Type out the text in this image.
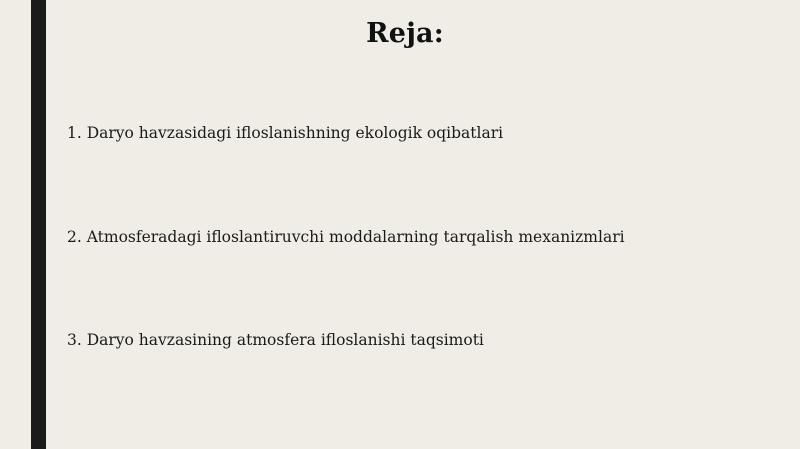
Reja:
1. Daryo havzasidagi ifloslanishning ekologik oqibatlari
2. Atmosferadagi ifloslantiruvchi moddalarning tarqalish mexanizmlari
3. Daryo havzasining atmosfera ifloslanishi taqsimoti
